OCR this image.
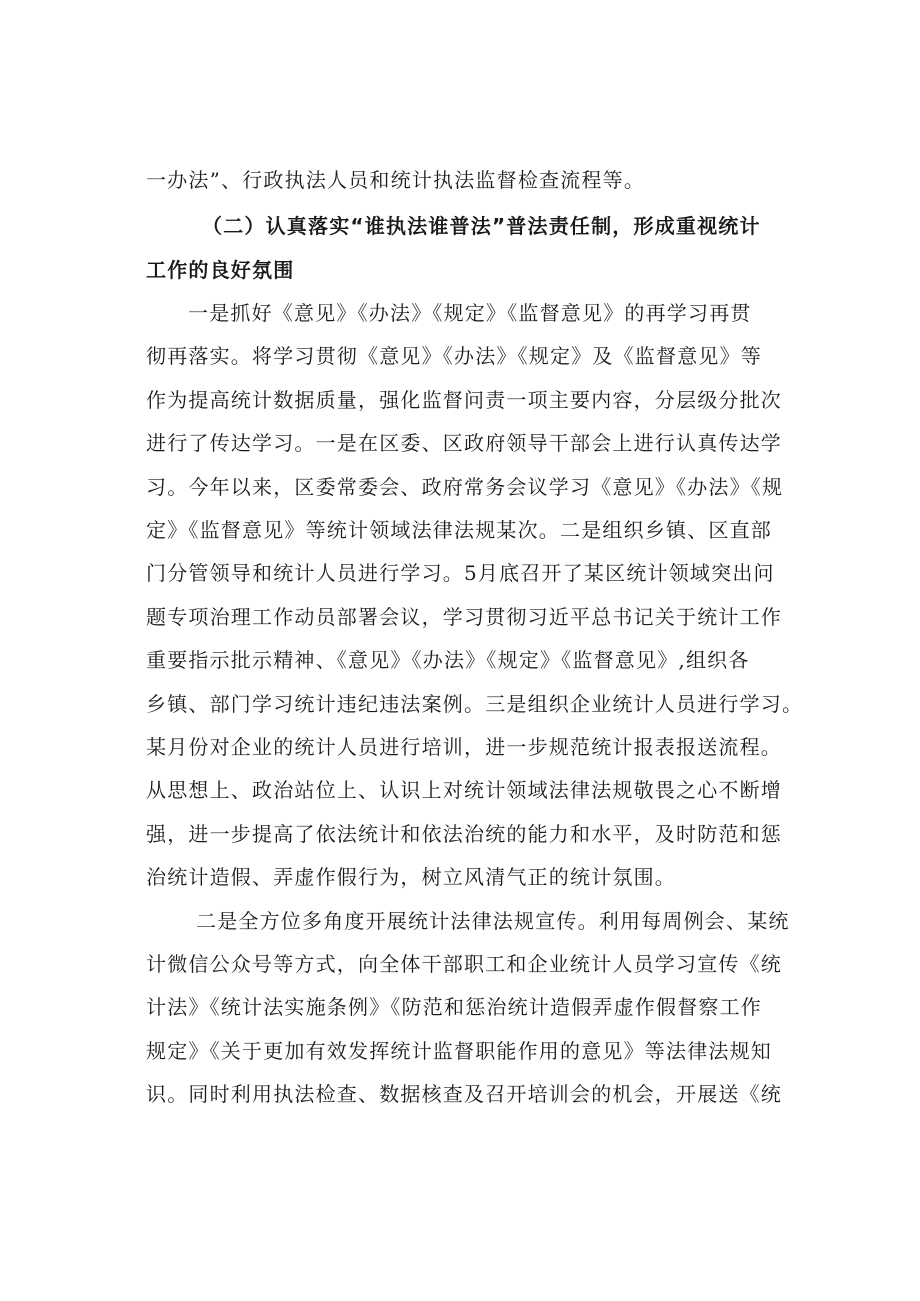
一办法”、行政执法人员和统计执法监督检查流程等。
（二）认真落实“谁执法谁普法”普法责任制，形成重视统计
工作的良好氛围
一是抓好《意见》《办法》《规定》《监督意见》的再学习再贯
彻再落实。将学习贯彻《意见》《办法》《规定》及《监督意见》等
作为提高统计数据质量，强化监督问责一项主要内容，分层级分批次
进行了传达学习。一是在区委、区政府领导干部会上进行认真传达学
习。今年以来，区委常委会、政府常务会议学习《意见》《办法》《规
定》《监督意见》等统计领域法律法规某次。二是组织乡镇、区直部
门分管领导和统计人员进行学习。5月底召开了某区统计领域突出问
题专项治理工作动员部署会议，学习贯彻习近平总书记关于统计工作
重要指示批示精神、《意见》《办法》《规定》《监督意见》,组织各
乡镇、部门学习统计违纪违法案例。三是组织企业统计人员进行学习。
某月份对企业的统计人员进行培训，进一步规范统计报表报送流程。
从思想上、政治站位上、认识上对统计领域法律法规敬畏之心不断增
强，进一步提高了依法统计和依法治统的能力和水平，及时防范和惩
治统计造假、弄虚作假行为，树立风清气正的统计氛围。
二是全方位多角度开展统计法律法规宣传。利用每周例会、某统
计微信公众号等方式，向全体干部职工和企业统计人员学习宣传《统
计法》《统计法实施条例》《防范和惩治统计造假弄虚作假督察工作
规定》《关于更加有效发挥统计监督职能作用的意见》等法律法规知
识。同时利用执法检查、数据核查及召开培训会的机会，开展送《统
